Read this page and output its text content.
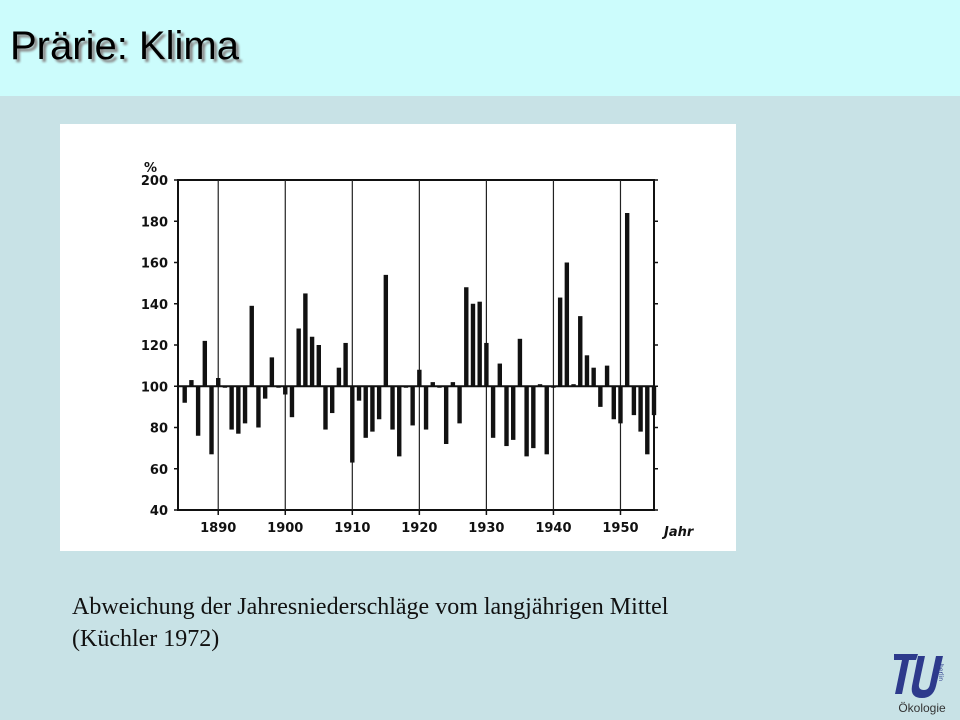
Prärie: Klima
200
180
160
140
120
100
80
60
40
1890 1900 1910 1920 1930 1940 1950
%
Jahr

Abweichung der Jahresniederschläge vom langjährigen Mittel
(Küchler 1972)

berlin
Ökologie
